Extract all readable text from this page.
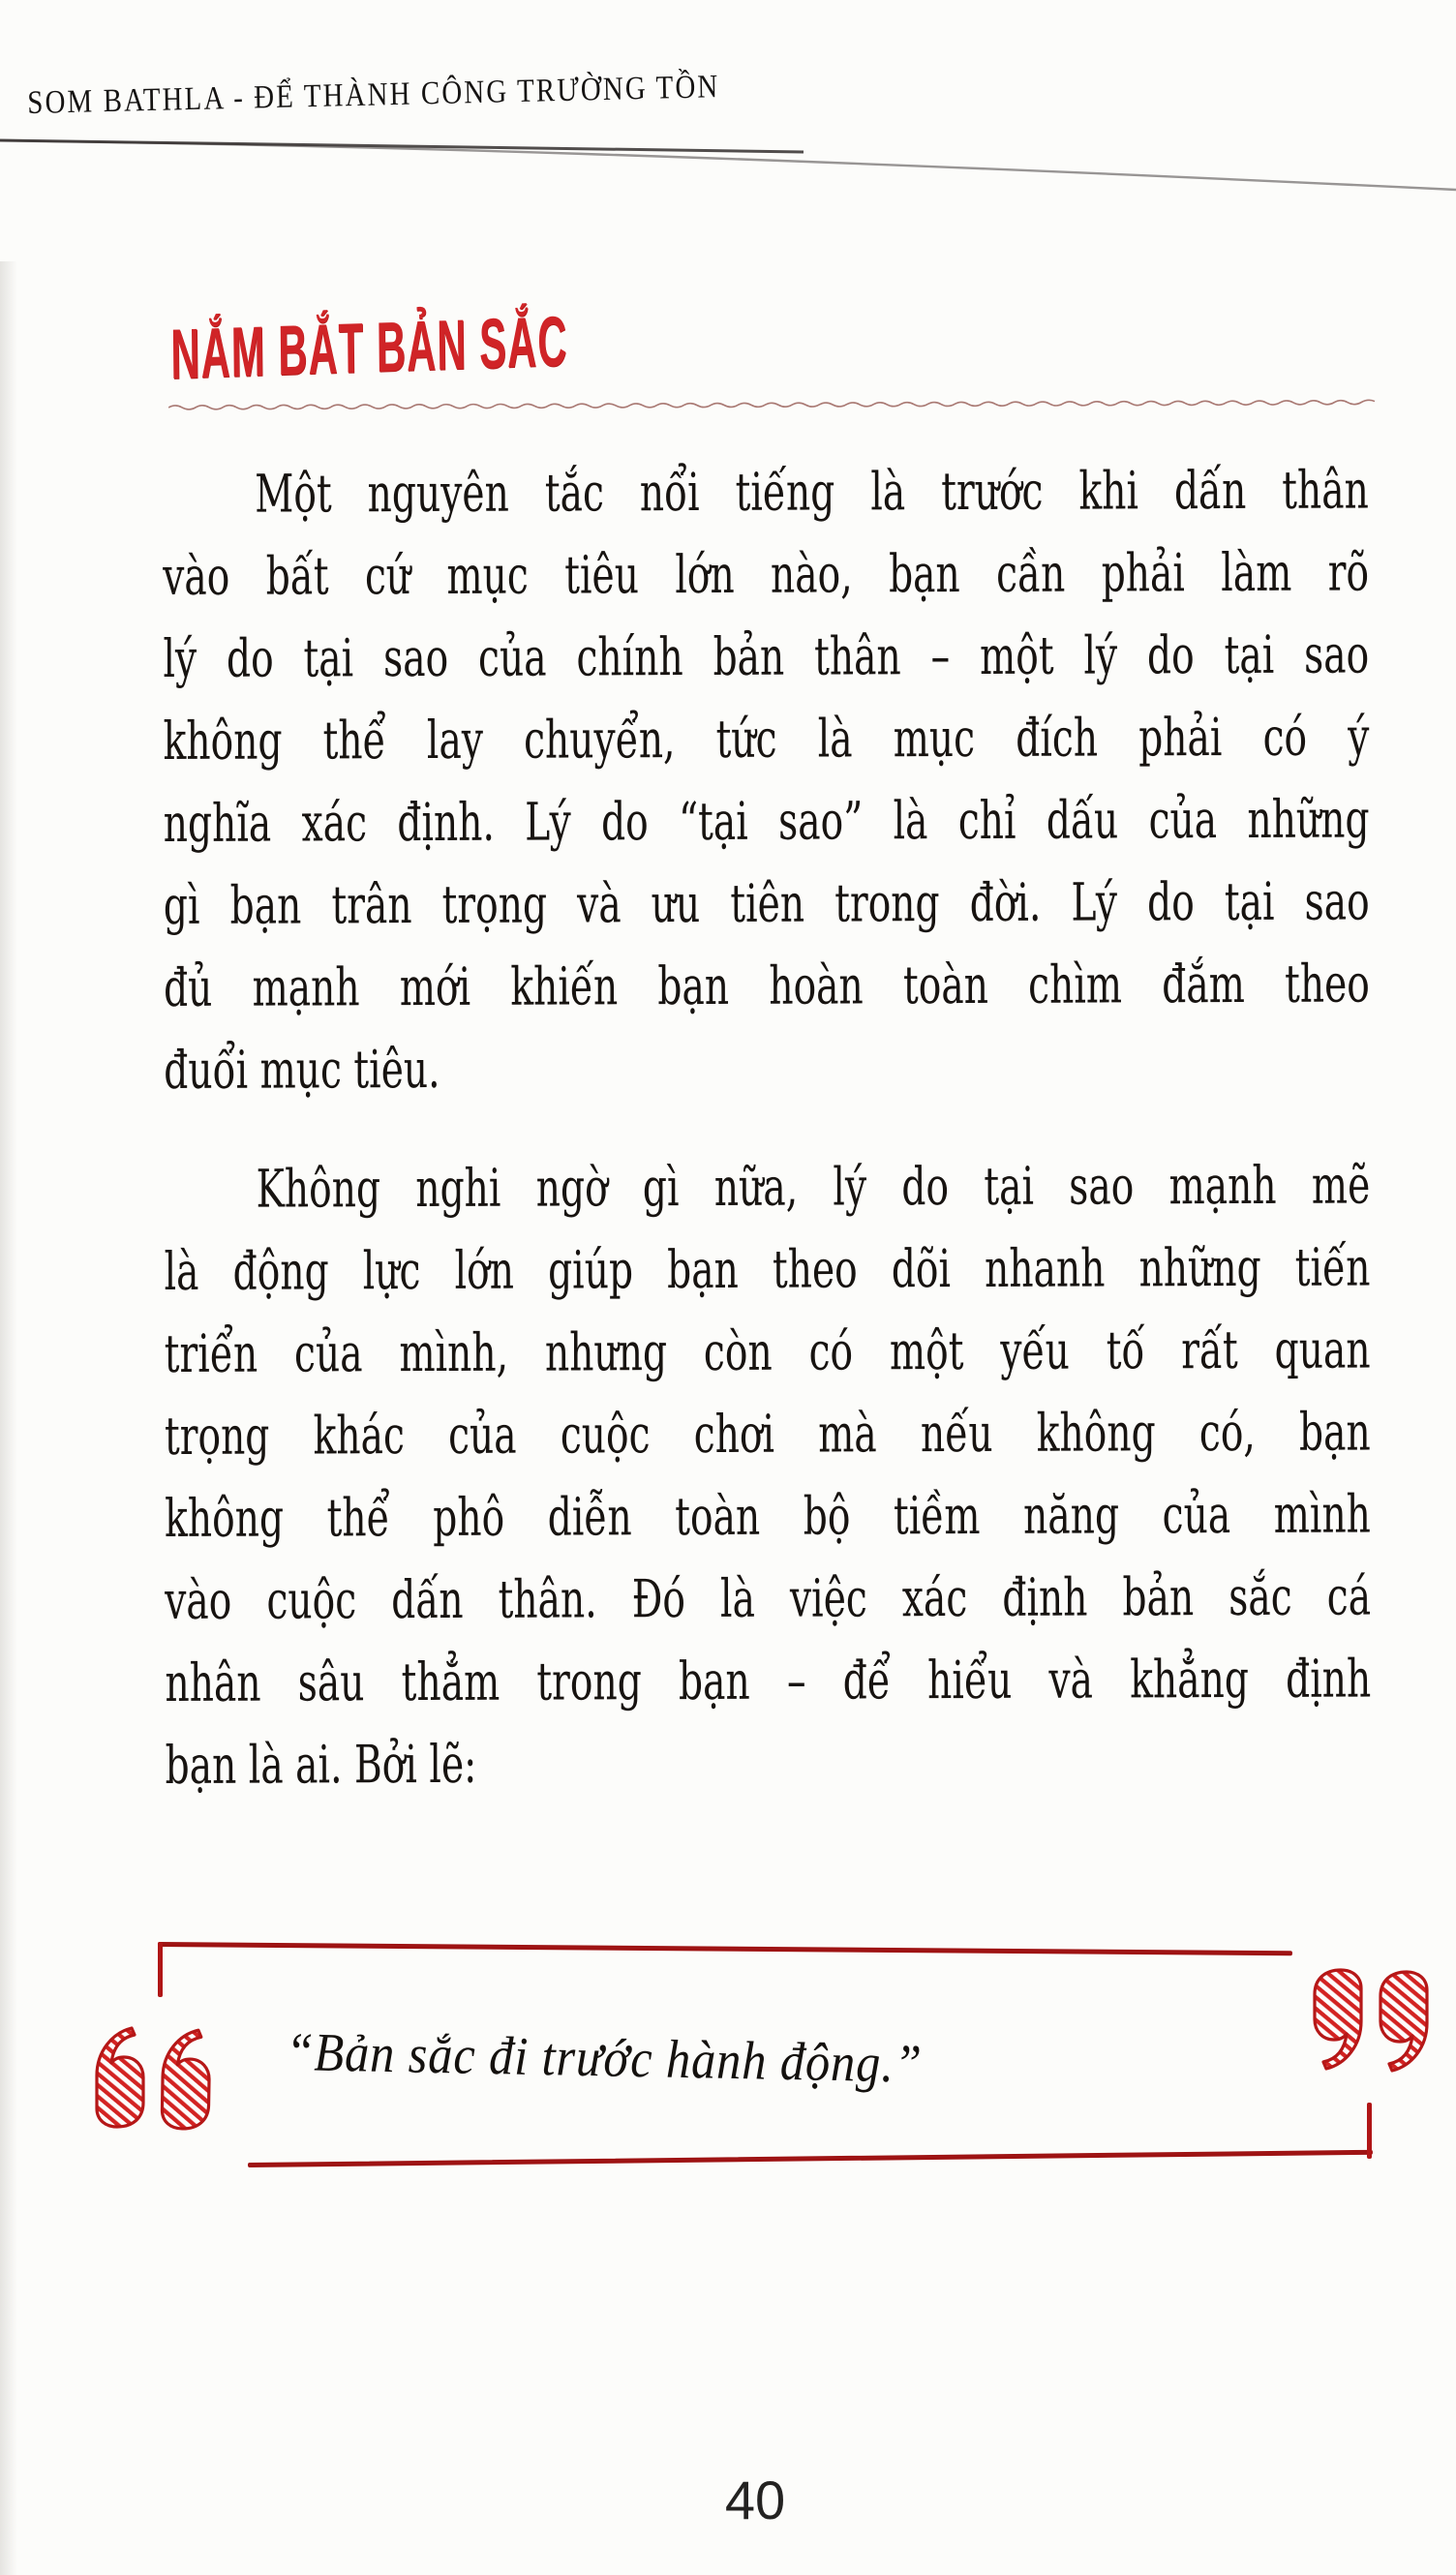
SOM BATHLA - ĐỂ THÀNH CÔNG TRƯỜNG TỒN
NẮM BẮT BẢN SẮC
Một nguyên tắc nổi tiếng là trước khi dấn thân
vào bất cứ mục tiêu lớn nào, bạn cần phải làm rõ
lý do tại sao của chính bản thân – một lý do tại sao
không thể lay chuyển, tức là mục đích phải có ý
nghĩa xác định. Lý do “tại sao” là chỉ dấu của những
gì bạn trân trọng và ưu tiên trong đời. Lý do tại sao
đủ mạnh mới khiến bạn hoàn toàn chìm đắm theo
đuổi mục tiêu.
Không nghi ngờ gì nữa, lý do tại sao mạnh mẽ
là động lực lớn giúp bạn theo dõi nhanh những tiến
triển của mình, nhưng còn có một yếu tố rất quan
trọng khác của cuộc chơi mà nếu không có, bạn
không thể phô diễn toàn bộ tiềm năng của mình
vào cuộc dấn thân. Đó là việc xác định bản sắc cá
nhân sâu thẳm trong bạn – để hiểu và khẳng định
bạn là ai. Bởi lẽ:
“Bản sắc đi trước hành động.”
40
